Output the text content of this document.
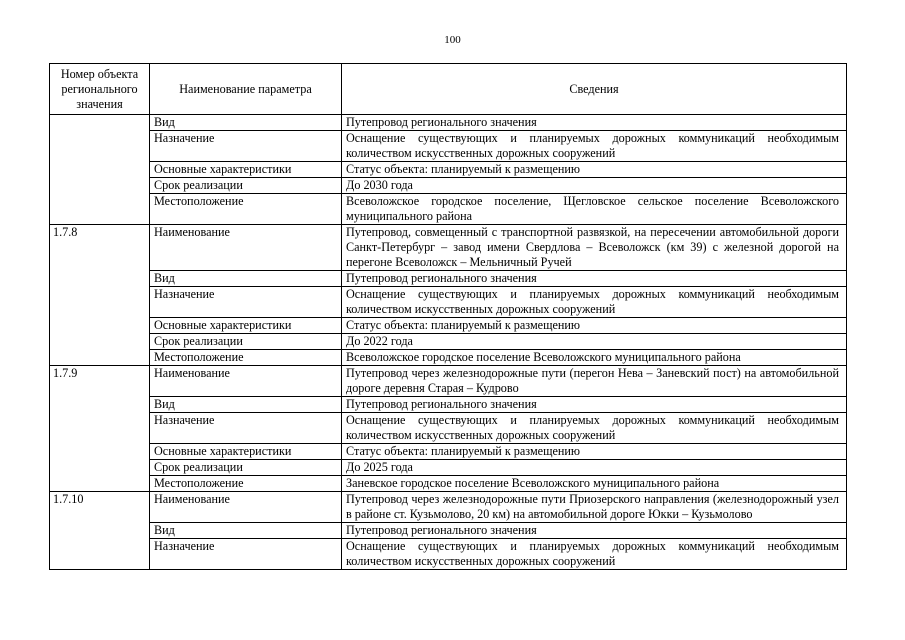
100
Номер объекта регионального значения	Наименование параметра	Сведения
	Вид	Путепровод регионального значения
	Назначение	Оснащение существующих и планируемых дорожных коммуникаций необходимым количеством искусственных дорожных сооружений
	Основные характеристики	Статус объекта: планируемый к размещению
	Срок реализации	До 2030 года
	Местоположение	Всеволожское городское поселение, Щегловское сельское поселение Всеволожского муниципального района
1.7.8	Наименование	Путепровод, совмещенный с транспортной развязкой, на пересечении автомобильной дороги Санкт-Петербург – завод имени Свердлова – Всеволожск (км 39) с железной дорогой на перегоне Всеволожск – Мельничный Ручей
	Вид	Путепровод регионального значения
	Назначение	Оснащение существующих и планируемых дорожных коммуникаций необходимым количеством искусственных дорожных сооружений
	Основные характеристики	Статус объекта: планируемый к размещению
	Срок реализации	До 2022 года
	Местоположение	Всеволожское городское поселение Всеволожского муниципального района
1.7.9	Наименование	Путепровод через железнодорожные пути (перегон Нева – Заневский пост) на автомобильной дороге деревня Старая – Кудрово
	Вид	Путепровод регионального значения
	Назначение	Оснащение существующих и планируемых дорожных коммуникаций необходимым количеством искусственных дорожных сооружений
	Основные характеристики	Статус объекта: планируемый к размещению
	Срок реализации	До 2025 года
	Местоположение	Заневское городское поселение Всеволожского муниципального района
1.7.10	Наименование	Путепровод через железнодорожные пути Приозерского направления (железнодорожный узел в районе ст. Кузьмолово, 20 км) на автомобильной дороге Юкки – Кузьмолово
	Вид	Путепровод регионального значения
	Назначение	Оснащение существующих и планируемых дорожных коммуникаций необходимым количеством искусственных дорожных сооружений
